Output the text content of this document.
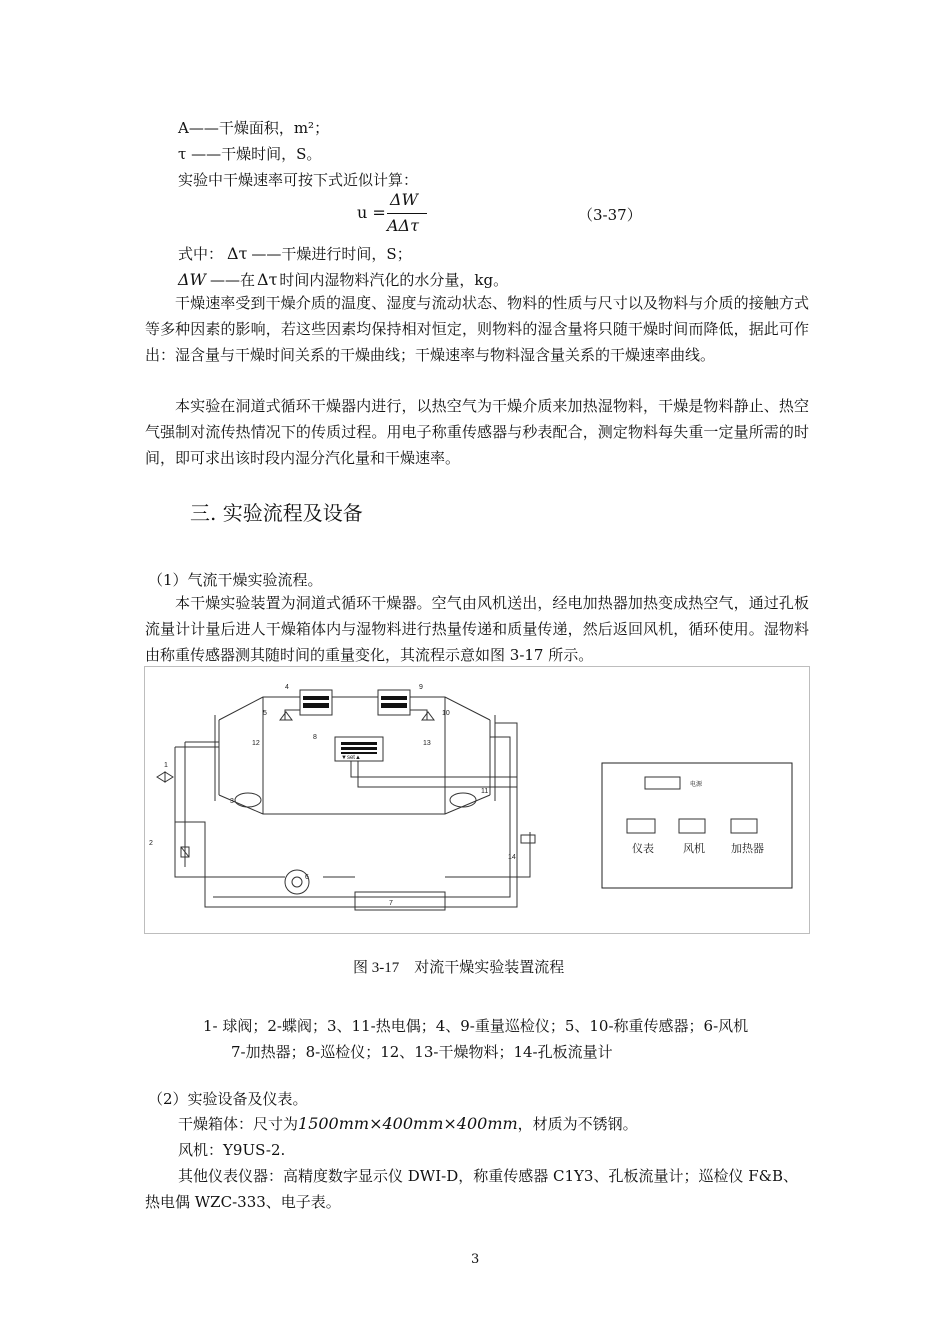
A——干燥面积，m²；
τ ——干燥时间，S。
实验中干燥速率可按下式近似计算：
u =
ΔW
AΔτ
（3-37）
式中： Δτ ——干燥进行时间，S；
ΔW ——在 Δτ 时间内湿物料汽化的水分量，kg。
干燥速率受到干燥介质的温度、湿度与流动状态、物料的性质与尺寸以及物料与介质的接触方式等多种因素的影响，若这些因素均保持相对恒定，则物料的湿含量将只随干燥时间而降低，据此可作出：湿含量与干燥时间关系的干燥曲线；干燥速率与物料湿含量关系的干燥速率曲线。
本实验在洞道式循环干燥器内进行，以热空气为干燥介质来加热湿物料，干燥是物料静止、热空气强制对流传热情况下的传质过程。用电子称重传感器与秒表配合，测定物料每失重一定量所需的时间，即可求出该时段内湿分汽化量和干燥速率。
三. 实验流程及设备
（1）气流干燥实验流程。
本干燥实验装置为洞道式循环干燥器。空气由风机送出，经电加热器加热变成热空气，通过孔板流量计计量后进人干燥箱体内与湿物料进行热量传递和质量传递，然后返回风机，循环使用。湿物料由称重传感器测其随时间的重量变化，其流程示意如图 3-17 所示。
4
5
9
10
8
12	13
3
11
1
2
14
6
7
▼set▲
电源
仪表	风机 加热器
图 3-17　对流干燥实验装置流程
1- 球阀；2-蝶阀；3、11-热电偶；4、9-重量巡检仪；5、10-称重传感器；6-风机
7-加热器；8-巡检仪；12、13-干燥物料；14-孔板流量计
（2）实验设备及仪表。
干燥箱体：尺寸为1500mm×400mm×400mm，材质为不锈钢。
风机：Y9US-2.
其他仪表仪器：高精度数字显示仪 DWI-D，称重传感器 C1Y3、孔板流量计；巡检仪 F&B、
热电偶 WZC-333、电子表。
3
